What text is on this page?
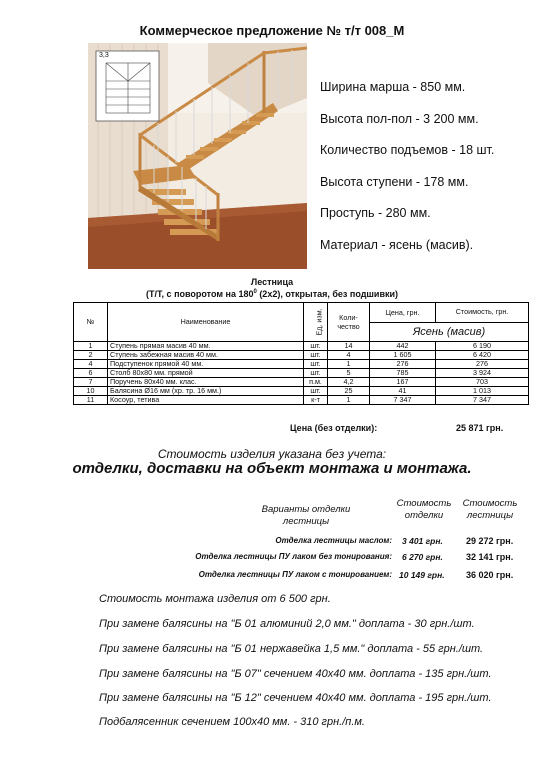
Коммерческое предложение № т/т 008_М
3,3
Ширина марша - 850 мм.
Высота пол-пол - 3 200 мм.
Количество подъемов - 18 шт.
Высота ступени - 178 мм.
Проступь - 280 мм.
Материал - ясень (масив).
Лестница
(Т/Т, с поворотом на $180^0$ (2х2), открытая, без подшивки)
№	Наименование	Ед. изм.	Коли-чество	Цена, грн.	Стоимость, грн.
				Ясень (масив)	
1	Ступень прямая масив 40 мм.	шт.	14	442	6 190
2	Ступень забежная масив 40 мм.	шт.	4	1 605	6 420
4	Подступенок прямой 40 мм.	шт.	1	276	276
6	Столб 80х80 мм. прямой	шт.	5	785	3 924
7	Поручень 80х40 мм. клас.	п.м.	4,2	167	703
10	Балясина Ø16 мм (хр. тр. 16 мм.)	шт.	25	41	1 013
11	Косоур, тетива	к-т	1	7 347	7 347
Цена (без отделки):	25 871 грн.
Стоимость изделия указана без учета:
отделки, доставки на объект монтажа и монтажа.
Варианты отделки лестницы
Стоимость отделки
Стоимость лестницы
Отделка лестницы маслом: 3 401 грн.	29 272 грн.
Отделка лестницы ПУ лаком без тонирования: 6 270 грн.	32 141 грн.
Отделка лестницы ПУ лаком с тонированием: 10 149 грн. 36 020 грн.
Стоимость монтажа изделия от 6 500 грн.
При замене балясины на "Б 01 алюминий 2,0 мм." доплата - 30 грн./шт.
При замене балясины на "Б 01 нержавейка 1,5 мм." доплата - 55 грн./шт.
При замене балясины на "Б 07" сечением 40х40 мм. доплата - 135 грн./шт.
При замене балясины на "Б 12" сечением 40х40 мм. доплата - 195 грн./шт.
Подбалясенник сечением 100х40 мм. - 310 грн./п.м.
